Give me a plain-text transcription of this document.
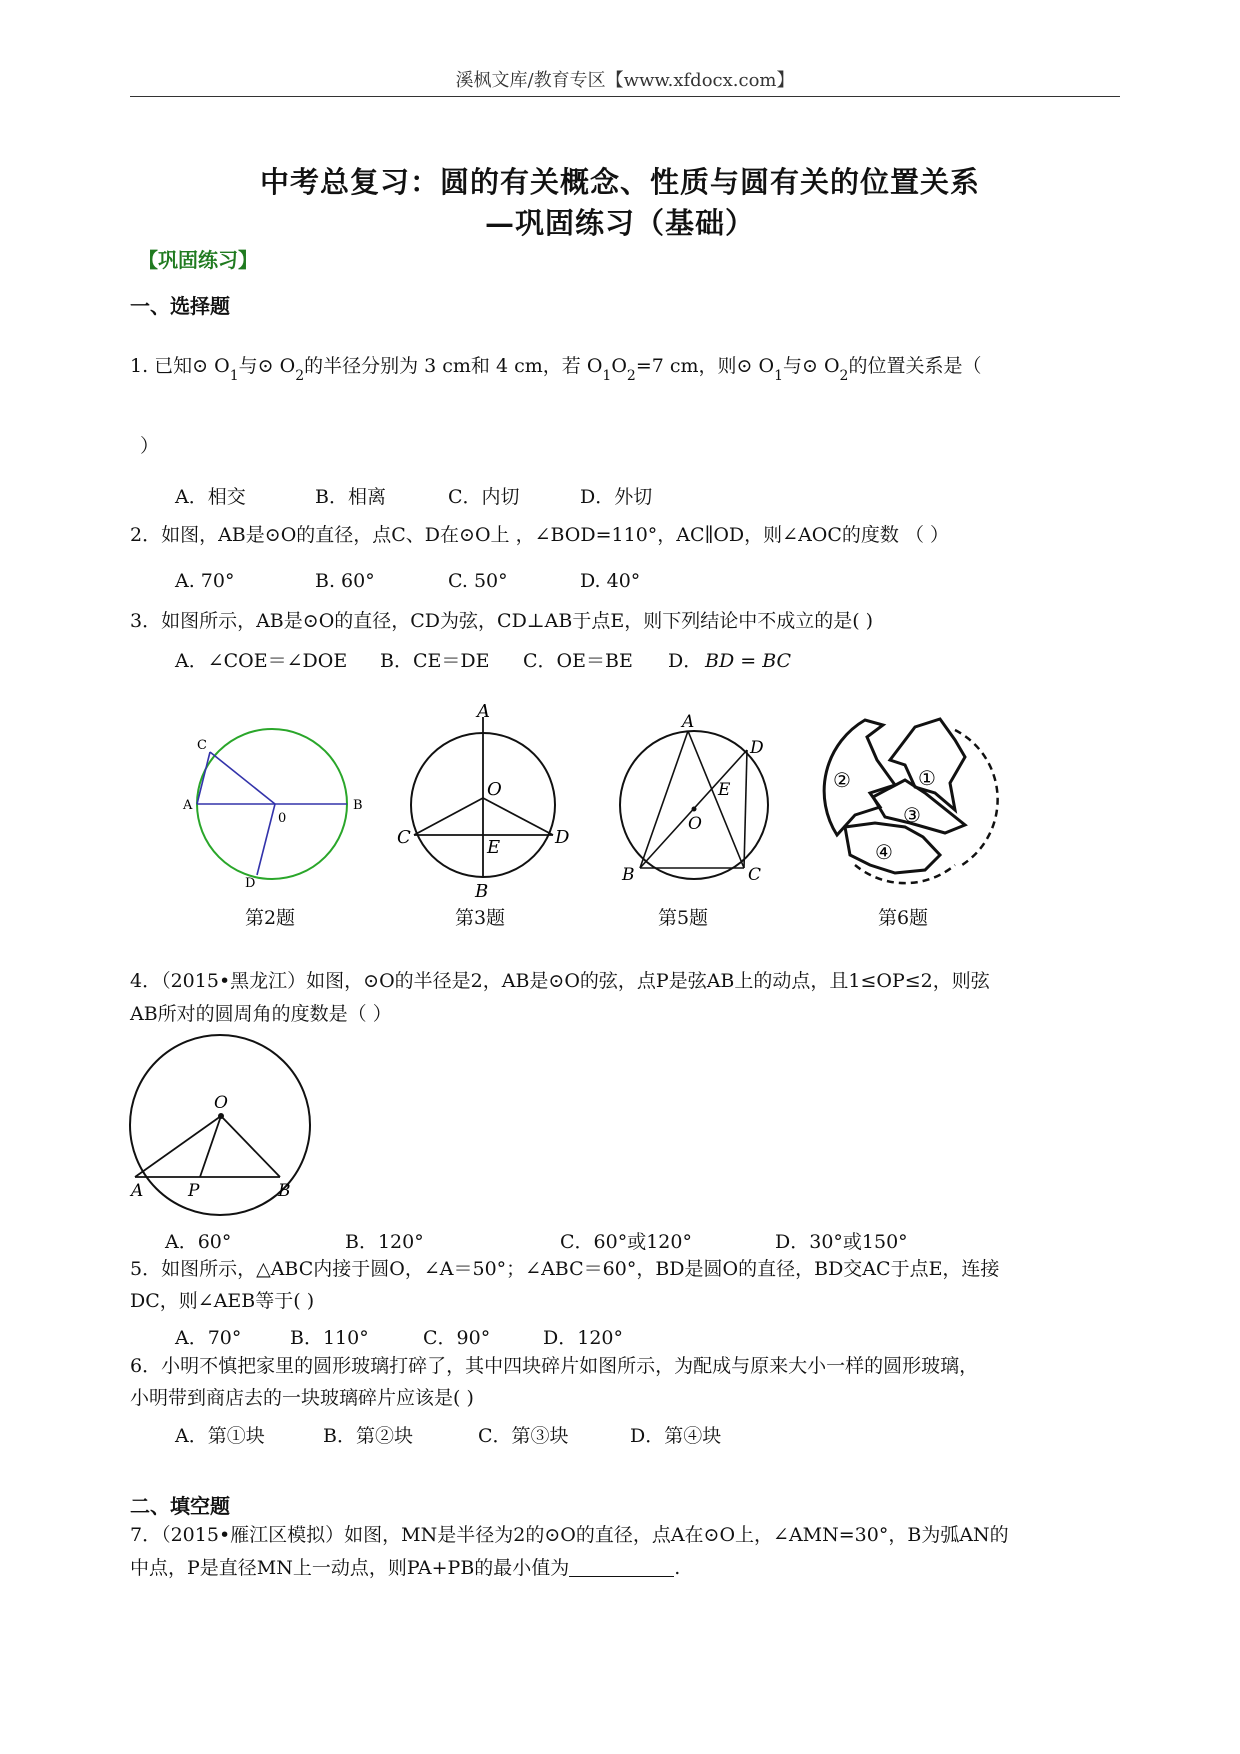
溪枫文库/教育专区【www.xfdocx.com】
中考总复习：圆的有关概念、性质与圆有关的位置关系
—巩固练习（基础）
【巩固练习】
一、选择题
1. 已知⊙ $O_1$与⊙ $O_2$的半径分别为 3 cm和 4 cm，若 $O_1O_2=7$ cm，则⊙ $O_1$与⊙ $O_2$的位置关系是（
）
A．相交	B．相离	C．内切	D．外切
2．如图，AB是⊙O的直径，点C、D在⊙O上 ，∠BOD=110°，AC∥OD，则∠AOC的度数 （ ）
A. 70°	B. 60°	C. 50°	D. 40°
3．如图所示，AB是⊙O的直径，CD为弦，CD⊥AB于点E，则下列结论中不成立的是( )
A．∠COE＝∠DOE B．CE＝DE C．OE＝BE D． BD = BC
C
A
0
B
D
第2题
A
O
C	E	D
B
第3题
A
D
E
O
B	C
第5题
②	①
③
④
第6题
4．（2015•黑龙江）如图，⊙O的半径是2，AB是⊙O的弦，点P是弦AB上的动点，且1≤OP≤2，则弦
AB所对的圆周角的度数是（ ）
O
A	P	B
A．60°	B．120°	C．60°或120°	D．30°或150°
5．如图所示，△ABC内接于圆O，∠A＝50°；∠ABC＝60°，BD是圆O的直径，BD交AC于点E，连接
DC，则∠AEB等于( )
A．70°	B．110°	C．90°	D．120°
6．小明不慎把家里的圆形玻璃打碎了，其中四块碎片如图所示，为配成与原来大小一样的圆形玻璃，
小明带到商店去的一块玻璃碎片应该是( )
A．第①块	B．第②块	C．第③块	D．第④块
二、填空题
7．（2015•雁江区模拟）如图，MN是半径为2的⊙O的直径，点A在⊙O上，∠AMN=30°，B为弧AN的
中点，P是直径MN上一动点，则PA+PB的最小值为	.
